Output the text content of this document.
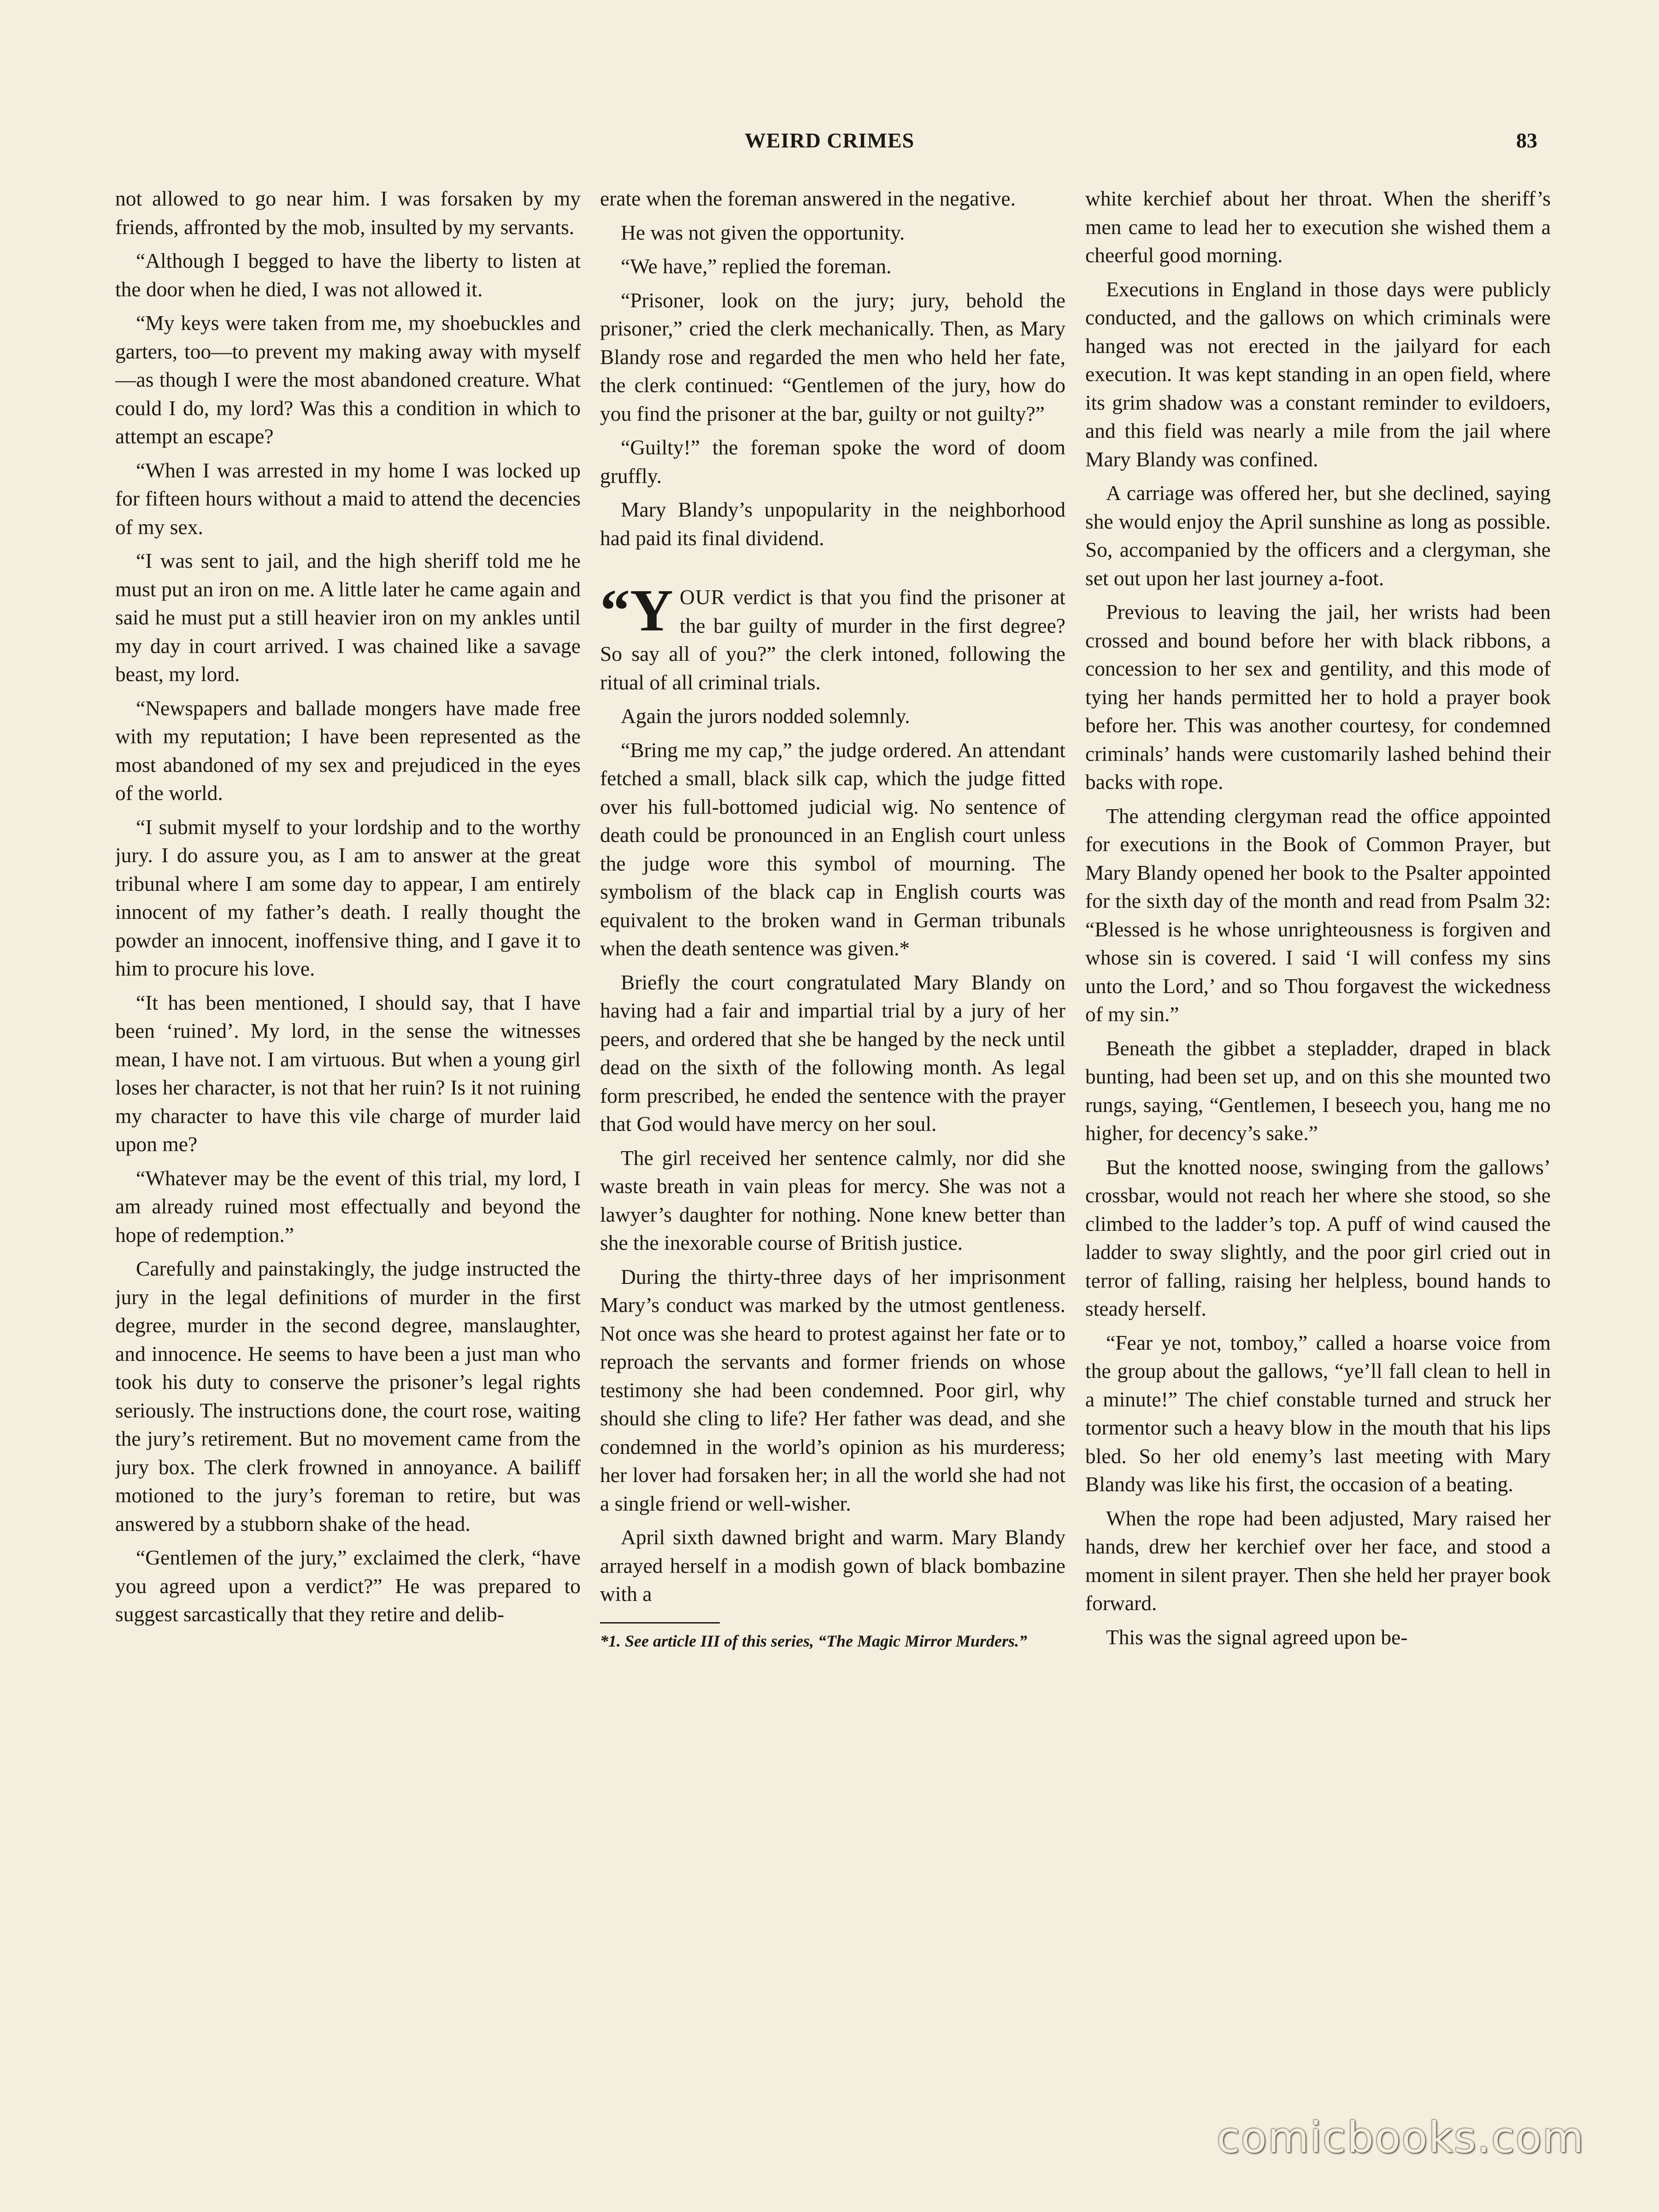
WEIRD CRIMES	83

not allowed to go near him. I was forsaken by my friends, affronted by the mob, insulted by my servants.

“Although I begged to have the liberty to listen at the door when he died, I was not allowed it.

“My keys were taken from me, my shoebuckles and garters, too—to prevent my making away with myself—as though I were the most abandoned creature. What could I do, my lord? Was this a condition in which to attempt an escape?

“When I was arrested in my home I was locked up for fifteen hours without a maid to attend the decencies of my sex.

“I was sent to jail, and the high sheriff told me he must put an iron on me. A little later he came again and said he must put a still heavier iron on my ankles until my day in court arrived. I was chained like a savage beast, my lord.

“Newspapers and ballade mongers have made free with my reputation; I have been represented as the most abandoned of my sex and prejudiced in the eyes of the world.

“I submit myself to your lordship and to the worthy jury. I do assure you, as I am to answer at the great tribunal where I am some day to appear, I am entirely innocent of my father’s death. I really thought the powder an innocent, inoffensive thing, and I gave it to him to procure his love.

“It has been mentioned, I should say, that I have been ‘ruined’. My lord, in the sense the witnesses mean, I have not. I am virtuous. But when a young girl loses her character, is not that her ruin? Is it not ruining my character to have this vile charge of murder laid upon me?

“Whatever may be the event of this trial, my lord, I am already ruined most effectually and beyond the hope of redemption.”

Carefully and painstakingly, the judge instructed the jury in the legal definitions of murder in the first degree, murder in the second degree, manslaughter, and innocence. He seems to have been a just man who took his duty to conserve the prisoner’s legal rights seriously. The instructions done, the court rose, waiting the jury’s retirement. But no movement came from the jury box. The clerk frowned in annoyance. A bailiff motioned to the jury’s foreman to retire, but was answered by a stubborn shake of the head.

“Gentlemen of the jury,” exclaimed the clerk, “have you agreed upon a verdict?” He was prepared to suggest sarcastically that they retire and delib-

erate when the foreman answered in the negative.

He was not given the opportunity.

“We have,” replied the foreman.

“Prisoner, look on the jury; jury, behold the prisoner,” cried the clerk mechanically. Then, as Mary Blandy rose and regarded the men who held her fate, the clerk continued: “Gentlemen of the jury, how do you find the prisoner at the bar, guilty or not guilty?”

“Guilty!” the foreman spoke the word of doom gruffly.

Mary Blandy’s unpopularity in the neighborhood had paid its final dividend.

“Y OUR verdict is that you find the prisoner at the bar guilty of murder in the first degree? So say all of you?” the clerk intoned, following the ritual of all criminal trials.

Again the jurors nodded solemnly.

“Bring me my cap,” the judge ordered. An attendant fetched a small, black silk cap, which the judge fitted over his full-bottomed judicial wig. No sentence of death could be pronounced in an English court unless the judge wore this symbol of mourning. The symbolism of the black cap in English courts was equivalent to the broken wand in German tribunals when the death sentence was given.*

Briefly the court congratulated Mary Blandy on having had a fair and impartial trial by a jury of her peers, and ordered that she be hanged by the neck until dead on the sixth of the following month. As legal form prescribed, he ended the sentence with the prayer that God would have mercy on her soul.

The girl received her sentence calmly, nor did she waste breath in vain pleas for mercy. She was not a lawyer’s daughter for nothing. None knew better than she the inexorable course of British justice.

During the thirty-three days of her imprisonment Mary’s conduct was marked by the utmost gentleness. Not once was she heard to protest against her fate or to reproach the servants and former friends on whose testimony she had been condemned. Poor girl, why should she cling to life? Her father was dead, and she condemned in the world’s opinion as his murderess; her lover had forsaken her; in all the world she had not a single friend or well-wisher.

April sixth dawned bright and warm. Mary Blandy arrayed herself in a modish gown of black bombazine with a

*1. See article III of this series, “The Magic Mirror Murders.”

white kerchief about her throat. When the sheriff’s men came to lead her to execution she wished them a cheerful good morning.

Executions in England in those days were publicly conducted, and the gallows on which criminals were hanged was not erected in the jailyard for each execution. It was kept standing in an open field, where its grim shadow was a constant reminder to evildoers, and this field was nearly a mile from the jail where Mary Blandy was confined.

A carriage was offered her, but she declined, saying she would enjoy the April sunshine as long as possible. So, accompanied by the officers and a clergyman, she set out upon her last journey a-foot.

Previous to leaving the jail, her wrists had been crossed and bound before her with black ribbons, a concession to her sex and gentility, and this mode of tying her hands permitted her to hold a prayer book before her. This was another courtesy, for condemned criminals’ hands were customarily lashed behind their backs with rope.

The attending clergyman read the office appointed for executions in the Book of Common Prayer, but Mary Blandy opened her book to the Psalter appointed for the sixth day of the month and read from Psalm 32: “Blessed is he whose unrighteousness is forgiven and whose sin is covered. I said ‘I will confess my sins unto the Lord,’ and so Thou forgavest the wickedness of my sin.”

Beneath the gibbet a stepladder, draped in black bunting, had been set up, and on this she mounted two rungs, saying, “Gentlemen, I beseech you, hang me no higher, for decency’s sake.”

But the knotted noose, swinging from the gallows’ crossbar, would not reach her where she stood, so she climbed to the ladder’s top. A puff of wind caused the ladder to sway slightly, and the poor girl cried out in terror of falling, raising her helpless, bound hands to steady herself.

“Fear ye not, tomboy,” called a hoarse voice from the group about the gallows, “ye’ll fall clean to hell in a minute!” The chief constable turned and struck her tormentor such a heavy blow in the mouth that his lips bled. So her old enemy’s last meeting with Mary Blandy was like his first, the occasion of a beating.

When the rope had been adjusted, Mary raised her hands, drew her kerchief over her face, and stood a moment in silent prayer. Then she held her prayer book forward.

This was the signal agreed upon be-

comicbooks.com
